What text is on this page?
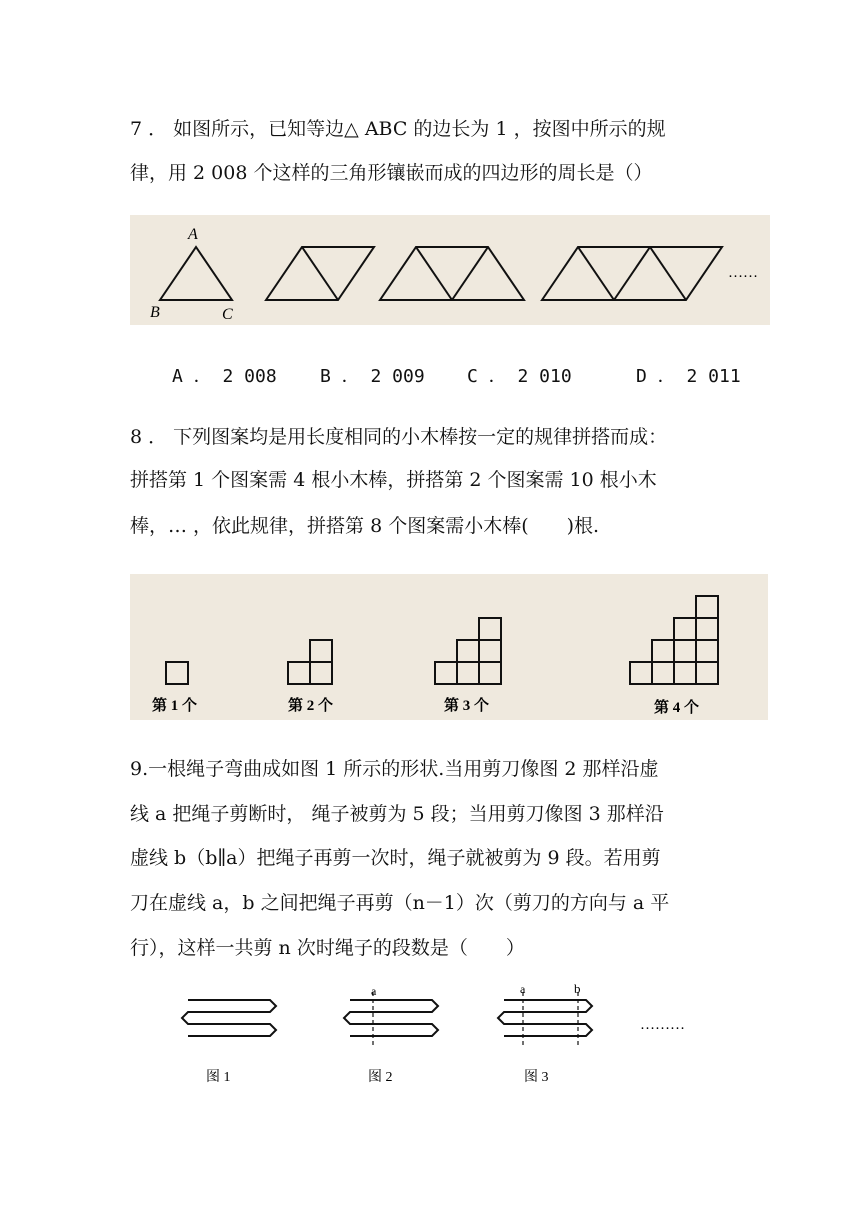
7 ． 如图所示，已知等边△ ABC 的边长为 1 ，按图中所示的规
律，用 2 008 个这样的三角形镶嵌而成的四边形的周长是（）
A
B	C
……
A ． 2 008 B ． 2 009 C ． 2 010	D ． 2 011
8 ． 下列图案均是用长度相同的小木棒按一定的规律拼搭而成：
拼搭第 1 个图案需 4 根小木棒，拼搭第 2 个图案需 10 根小木
棒，… ，依此规律，拼搭第 8 个图案需小木棒(　　)根.
第 1 个	第 2 个	第 3 个	第 4 个
9.一根绳子弯曲成如图 1 所示的形状.当用剪刀像图 2 那样沿虚
线 a 把绳子剪断时， 绳子被剪为 5 段；当用剪刀像图 3 那样沿
虚线 b（b∥a）把绳子再剪一次时，绳子就被剪为 9 段。若用剪
刀在虚线 a，b 之间把绳子再剪（n－1）次（剪刀的方向与 a 平
行），这样一共剪 n 次时绳子的段数是（　　）
a	a	b
………
图 1	图 2	图 3
